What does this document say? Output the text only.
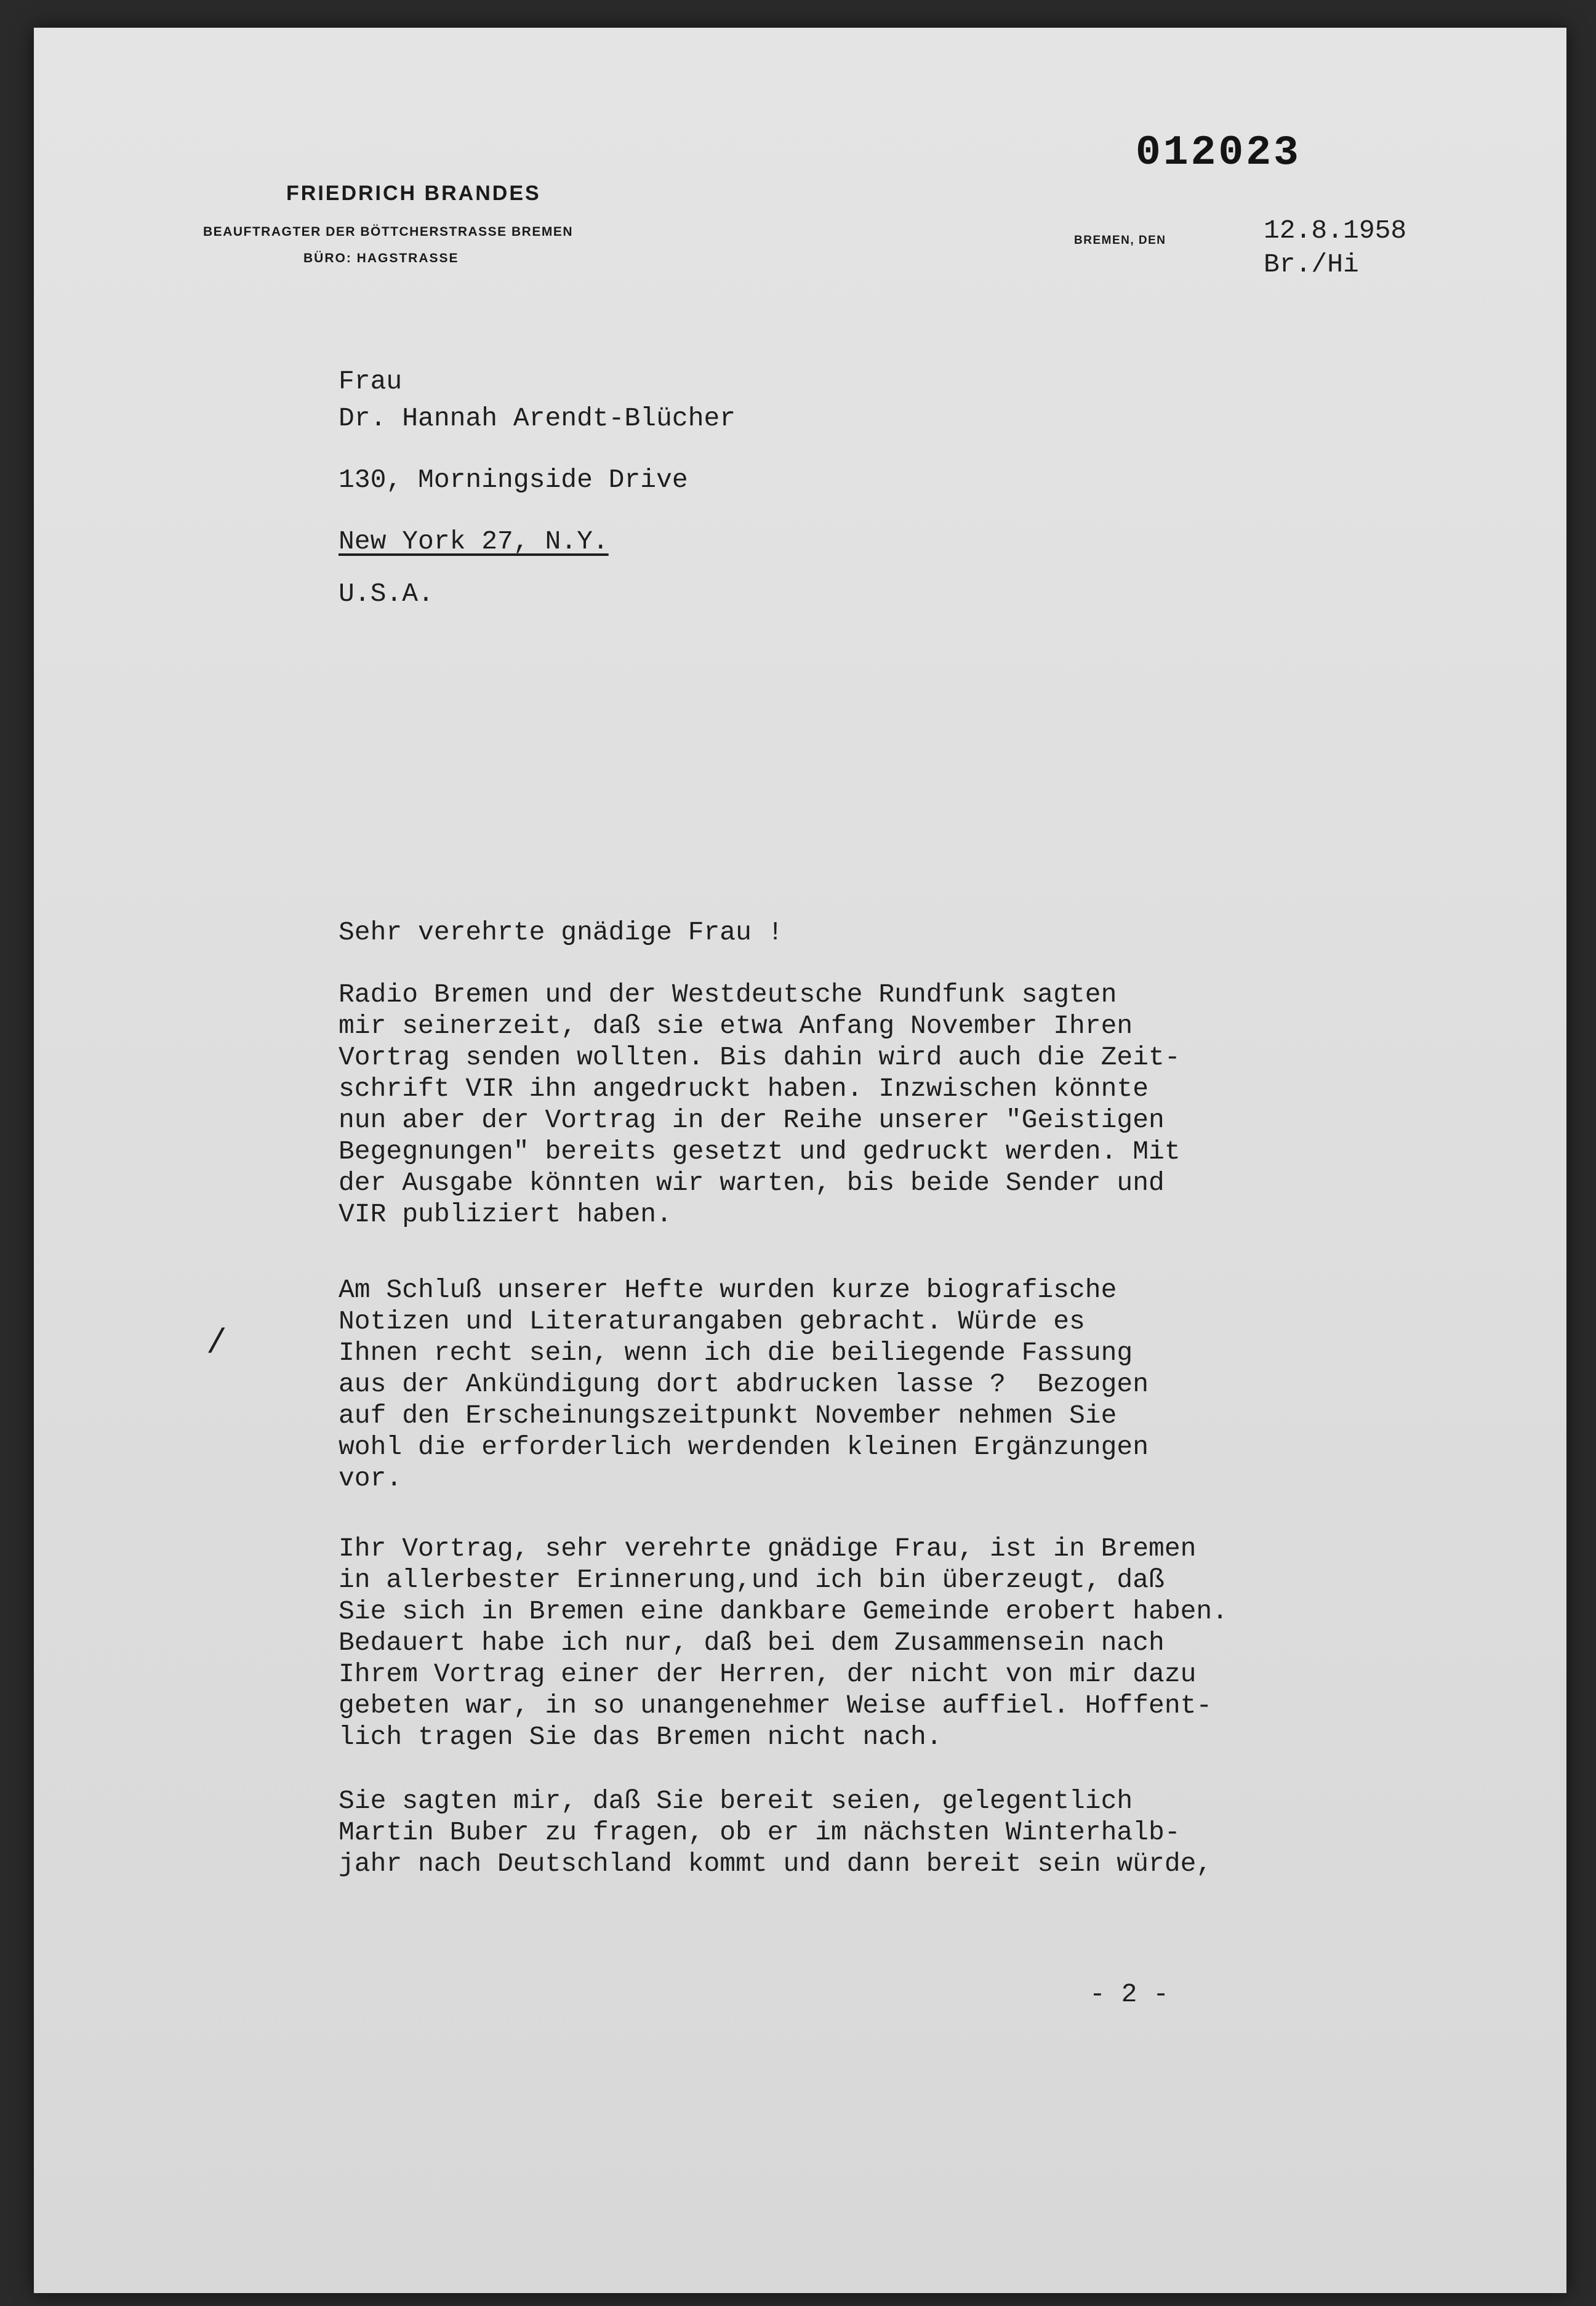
012023
FRIEDRICH BRANDES
BEAUFTRAGTER DER BÖTTCHERSTRASSE BREMEN
BÜRO: HAGSTRASSE
BREMEN, DEN	12.8.1958
Br./Hi
Frau
Dr. Hannah Arendt-Blücher
130, Morningside Drive
New York 27, N.Y.
U.S.A.
Sehr verehrte gnädige Frau !
Radio Bremen und der Westdeutsche Rundfunk sagten
mir seinerzeit, daß sie etwa Anfang November Ihren
Vortrag senden wollten. Bis dahin wird auch die Zeit-
schrift VIR ihn angedruckt haben. Inzwischen könnte
nun aber der Vortrag in der Reihe unserer "Geistigen
Begegnungen" bereits gesetzt und gedruckt werden. Mit
der Ausgabe könnten wir warten, bis beide Sender und
VIR publiziert haben.
Am Schluß unserer Hefte wurden kurze biografische
Notizen und Literaturangaben gebracht. Würde es
Ihnen recht sein, wenn ich die beiliegende Fassung
aus der Ankündigung dort abdrucken lasse ?  Bezogen
auf den Erscheinungszeitpunkt November nehmen Sie
wohl die erforderlich werdenden kleinen Ergänzungen
vor.
Ihr Vortrag, sehr verehrte gnädige Frau, ist in Bremen
in allerbester Erinnerung,und ich bin überzeugt, daß
Sie sich in Bremen eine dankbare Gemeinde erobert haben.
Bedauert habe ich nur, daß bei dem Zusammensein nach
Ihrem Vortrag einer der Herren, der nicht von mir dazu
gebeten war, in so unangenehmer Weise auffiel. Hoffent-
lich tragen Sie das Bremen nicht nach.
Sie sagten mir, daß Sie bereit seien, gelegentlich
Martin Buber zu fragen, ob er im nächsten Winterhalb-
jahr nach Deutschland kommt und dann bereit sein würde,
/
- 2 -
